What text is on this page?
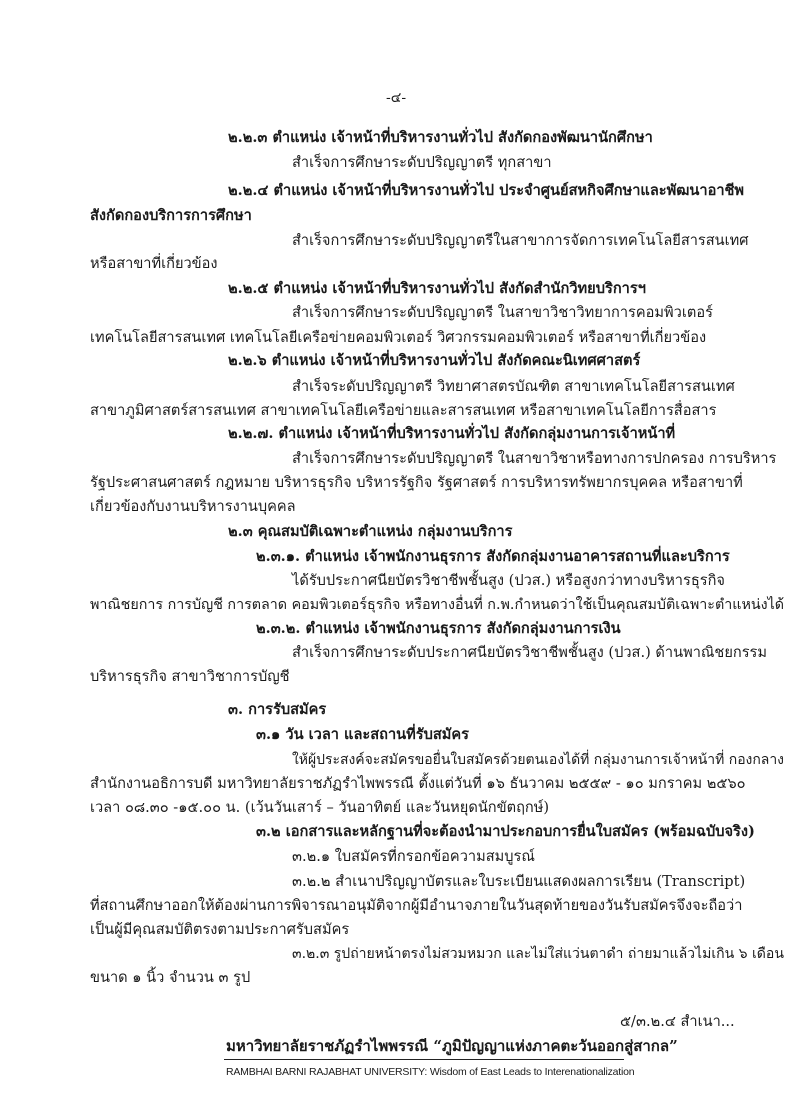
-๔-
๒.๒.๓ ตำแหน่ง เจ้าหน้าที่บริหารงานทั่วไป สังกัดกองพัฒนานักศึกษา
สำเร็จการศึกษาระดับปริญญาตรี ทุกสาขา
๒.๒.๔ ตำแหน่ง เจ้าหน้าที่บริหารงานทั่วไป ประจำศูนย์สหกิจศึกษาและพัฒนาอาชีพ
สังกัดกองบริการการศึกษา
สำเร็จการศึกษาระดับปริญญาตรีในสาขาการจัดการเทคโนโลยีสารสนเทศ
หรือสาขาที่เกี่ยวข้อง
๒.๒.๕ ตำแหน่ง เจ้าหน้าที่บริหารงานทั่วไป สังกัดสำนักวิทยบริการฯ
สำเร็จการศึกษาระดับปริญญาตรี ในสาขาวิชาวิทยาการคอมพิวเตอร์
เทคโนโลยีสารสนเทศ เทคโนโลยีเครือข่ายคอมพิวเตอร์ วิศวกรรมคอมพิวเตอร์ หรือสาขาที่เกี่ยวข้อง
๒.๒.๖ ตำแหน่ง เจ้าหน้าที่บริหารงานทั่วไป สังกัดคณะนิเทศศาสตร์
สำเร็จระดับปริญญาตรี วิทยาศาสตรบัณฑิต สาขาเทคโนโลยีสารสนเทศ
สาขาภูมิศาสตร์สารสนเทศ สาขาเทคโนโลยีเครือข่ายและสารสนเทศ หรือสาขาเทคโนโลยีการสื่อสาร
๒.๒.๗. ตำแหน่ง เจ้าหน้าที่บริหารงานทั่วไป สังกัดกลุ่มงานการเจ้าหน้าที่
สำเร็จการศึกษาระดับปริญญาตรี ในสาขาวิชาหรือทางการปกครอง การบริหาร
รัฐประศาสนศาสตร์ กฎหมาย บริหารธุรกิจ บริหารรัฐกิจ รัฐศาสตร์ การบริหารทรัพยากรบุคคล หรือสาขาที่
เกี่ยวข้องกับงานบริหารงานบุคคล
๒.๓ คุณสมบัติเฉพาะตำแหน่ง กลุ่มงานบริการ
๒.๓.๑. ตำแหน่ง เจ้าพนักงานธุรการ สังกัดกลุ่มงานอาคารสถานที่และบริการ
ได้รับประกาศนียบัตรวิชาชีพชั้นสูง (ปวส.) หรือสูงกว่าทางบริหารธุรกิจ
พาณิชยการ การบัญชี การตลาด คอมพิวเตอร์ธุรกิจ หรือทางอื่นที่ ก.พ.กำหนดว่าใช้เป็นคุณสมบัติเฉพาะตำแหน่งได้
๒.๓.๒. ตำแหน่ง เจ้าพนักงานธุรการ สังกัดกลุ่มงานการเงิน
สำเร็จการศึกษาระดับประกาศนียบัตรวิชาชีพชั้นสูง (ปวส.) ด้านพาณิชยกรรม
บริหารธุรกิจ สาขาวิชาการบัญชี
๓. การรับสมัคร
๓.๑ วัน เวลา และสถานที่รับสมัคร
ให้ผู้ประสงค์จะสมัครขอยื่นใบสมัครด้วยตนเองได้ที่ กลุ่มงานการเจ้าหน้าที่ กองกลาง
สำนักงานอธิการบดี มหาวิทยาลัยราชภัฏรำไพพรรณี ตั้งแต่วันที่ ๑๖ ธันวาคม ๒๕๕๙ - ๑๐ มกราคม ๒๕๖๐
เวลา ๐๘.๓๐ -๑๕.๐๐ น. (เว้นวันเสาร์ – วันอาทิตย์ และวันหยุดนักขัตฤกษ์)
๓.๒ เอกสารและหลักฐานที่จะต้องนำมาประกอบการยื่นใบสมัคร (พร้อมฉบับจริง)
๓.๒.๑ ใบสมัครที่กรอกข้อความสมบูรณ์
๓.๒.๒ สำเนาปริญญาบัตรและใบระเบียนแสดงผลการเรียน (Transcript)
ที่สถานศึกษาออกให้ต้องผ่านการพิจารณาอนุมัติจากผู้มีอำนาจภายในวันสุดท้ายของวันรับสมัครจึงจะถือว่า
เป็นผู้มีคุณสมบัติตรงตามประกาศรับสมัคร
๓.๒.๓ รูปถ่ายหน้าตรงไม่สวมหมวก และไม่ใส่แว่นตาดำ ถ่ายมาแล้วไม่เกิน ๖ เดือน
ขนาด ๑ นิ้ว จำนวน ๓ รูป
๕/๓.๒.๔ สำเนา...
มหาวิทยาลัยราชภัฏรำไพพรรณี “ภูมิปัญญาแห่งภาคตะวันออกสู่สากล”
RAMBHAI BARNI RAJABHAT UNIVERSITY: Wisdom of East Leads to Interenationalization
